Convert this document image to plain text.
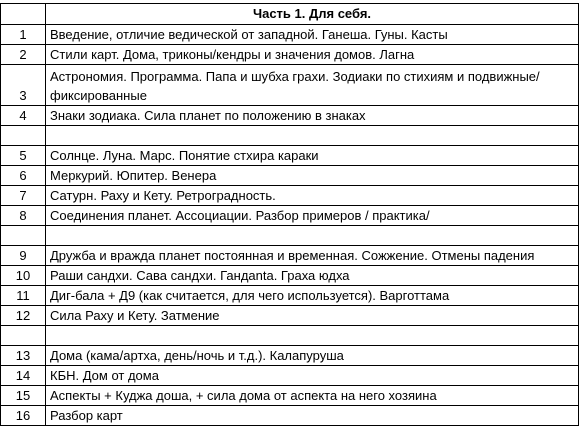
	Часть 1. Для себя.
1	Введение, отличие ведической от западной. Ганеша. Гуны. Касты
2	Стили карт. Дома, триконы/кендры и значения домов. Лагна
3	Астрономия. Программа. Папа и шубха грахи. Зодиаки по стихиям и подвижные/фиксированные
4	Знаки зодиака. Сила планет по положению в знаках

5	Солнце. Луна. Марс. Понятие стхира караки
6	Меркурий. Юпитер. Венера
7	Сатурн. Раху и Кету. Ретроградность.
8	Соединения планет. Ассоциации. Разбор примеров / практика/

9	Дружба и вражда планет постоянная и временная. Сожжение. Отмены падения
10	Раши сандхи. Сава сандхи. Гандanta. Граха юдха
11	Диг-бала + Д9 (как считается, для чего используется). Варготтама
12	Сила Раху и Кету. Затмение

13	Дома (кама/артха, день/ночь и т.д.). Калапуруша
14	КБН. Дом от дома
15	Аспекты + Куджа доша, + сила дома от аспекта на него хозяина
16	Разбор карт
